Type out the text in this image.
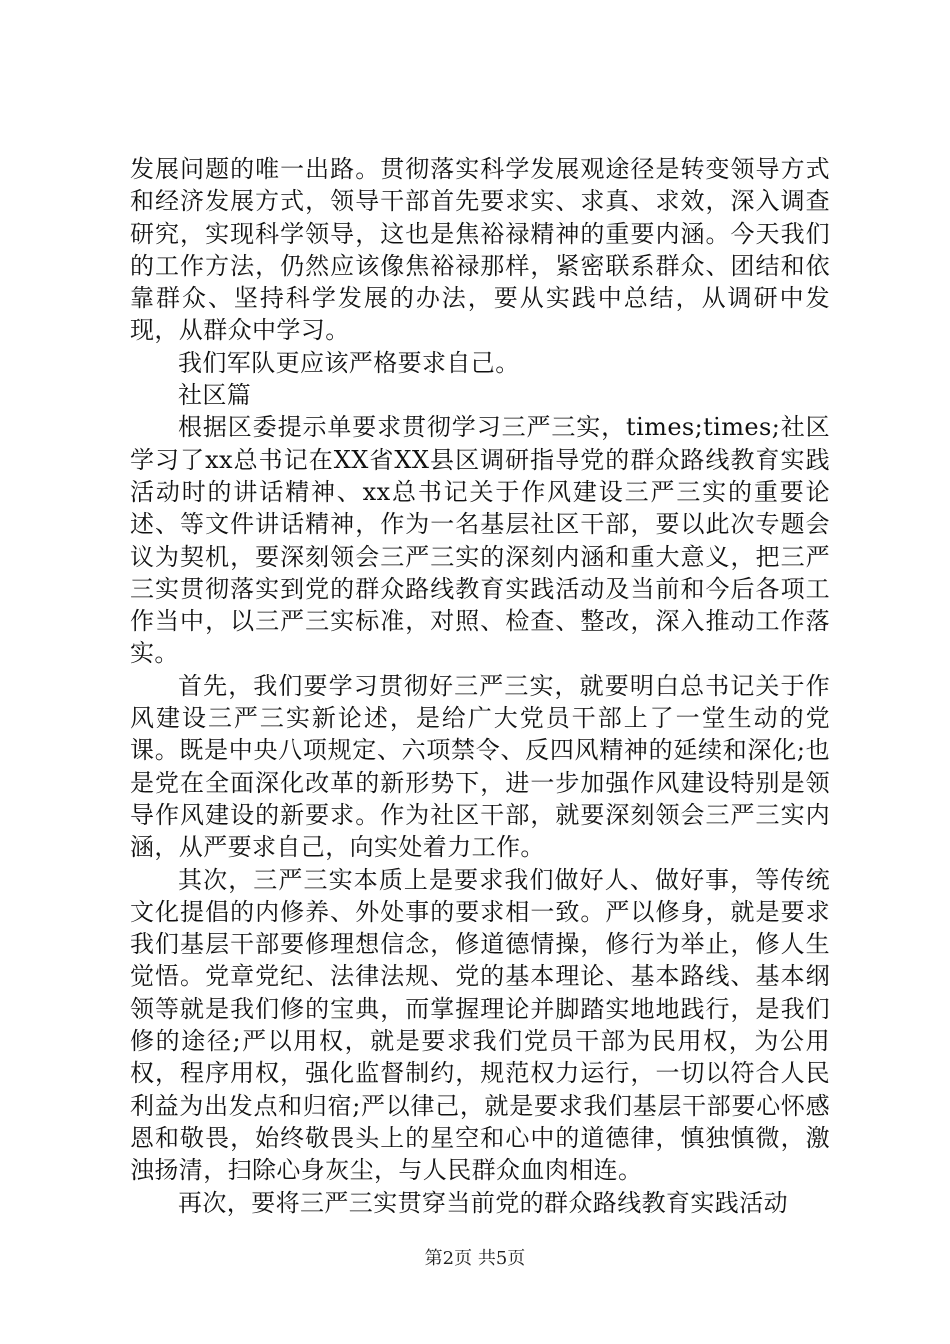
发展问题的唯一出路。贯彻落实科学发展观途径是转变领导方式和经济发展方式，领导干部首先要求实、求真、求效，深入调查研究，实现科学领导，这也是焦裕禄精神的重要内涵。今天我们的工作方法，仍然应该像焦裕禄那样，紧密联系群众、团结和依靠群众、坚持科学发展的办法，要从实践中总结，从调研中发现，从群众中学习。

我们军队更应该严格要求自己。

社区篇

根据区委提示单要求贯彻学习三严三实，times;times;社区学习了xx总书记在XX省XX县区调研指导党的群众路线教育实践活动时的讲话精神、xx总书记关于作风建设三严三实的重要论述、等文件讲话精神，作为一名基层社区干部，要以此次专题会议为契机，要深刻领会三严三实的深刻内涵和重大意义，把三严三实贯彻落实到党的群众路线教育实践活动及当前和今后各项工作当中，以三严三实标准，对照、检查、整改，深入推动工作落实。

首先，我们要学习贯彻好三严三实，就要明白总书记关于作风建设三严三实新论述，是给广大党员干部上了一堂生动的党课。既是中央八项规定、六项禁令、反四风精神的延续和深化;也是党在全面深化改革的新形势下，进一步加强作风建设特别是领导作风建设的新要求。作为社区干部，就要深刻领会三严三实内涵，从严要求自己，向实处着力工作。

其次，三严三实本质上是要求我们做好人、做好事，等传统文化提倡的内修养、外处事的要求相一致。严以修身，就是要求我们基层干部要修理想信念，修道德情操，修行为举止，修人生觉悟。党章党纪、法律法规、党的基本理论、基本路线、基本纲领等就是我们修的宝典，而掌握理论并脚踏实地地践行，是我们修的途径;严以用权，就是要求我们党员干部为民用权，为公用权，程序用权，强化监督制约，规范权力运行，一切以符合人民利益为出发点和归宿;严以律己，就是要求我们基层干部要心怀感恩和敬畏，始终敬畏头上的星空和心中的道德律，慎独慎微，激浊扬清，扫除心身灰尘，与人民群众血肉相连。

再次，要将三严三实贯穿当前党的群众路线教育实践活动

第2页 共5页
